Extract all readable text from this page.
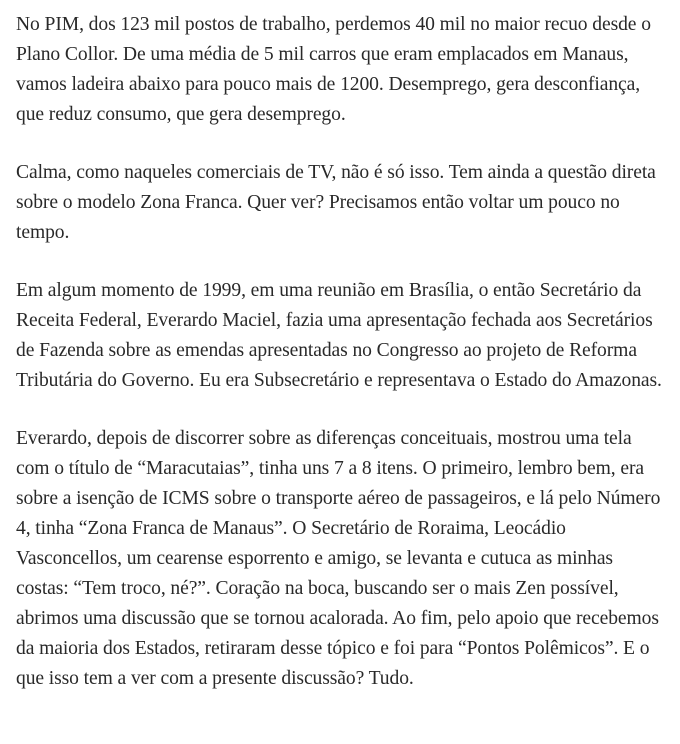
No PIM, dos 123 mil postos de trabalho, perdemos 40 mil no maior recuo desde o Plano Collor. De uma média de 5 mil carros que eram emplacados em Manaus, vamos ladeira abaixo para pouco mais de 1200. Desemprego, gera desconfiança, que reduz consumo, que gera desemprego.

Calma, como naqueles comerciais de TV, não é só isso. Tem ainda a questão direta sobre o modelo Zona Franca. Quer ver? Precisamos então voltar um pouco no tempo.

Em algum momento de 1999, em uma reunião em Brasília, o então Secretário da Receita Federal, Everardo Maciel, fazia uma apresentação fechada aos Secretários de Fazenda sobre as emendas apresentadas no Congresso ao projeto de Reforma Tributária do Governo. Eu era Subsecretário e representava o Estado do Amazonas.

Everardo, depois de discorrer sobre as diferenças conceituais, mostrou uma tela com o título de “Maracutaias”, tinha uns 7 a 8 itens. O primeiro, lembro bem, era sobre a isenção de ICMS sobre o transporte aéreo de passageiros, e lá pelo Número 4, tinha “Zona Franca de Manaus”. O Secretário de Roraima, Leocádio Vasconcellos, um cearense esporrento e amigo, se levanta e cutuca as minhas costas: “Tem troco, né?”. Coração na boca, buscando ser o mais Zen possível, abrimos uma discussão que se tornou acalorada. Ao fim, pelo apoio que recebemos da maioria dos Estados, retiraram desse tópico e foi para “Pontos Polêmicos”. E o que isso tem a ver com a presente discussão? Tudo.
